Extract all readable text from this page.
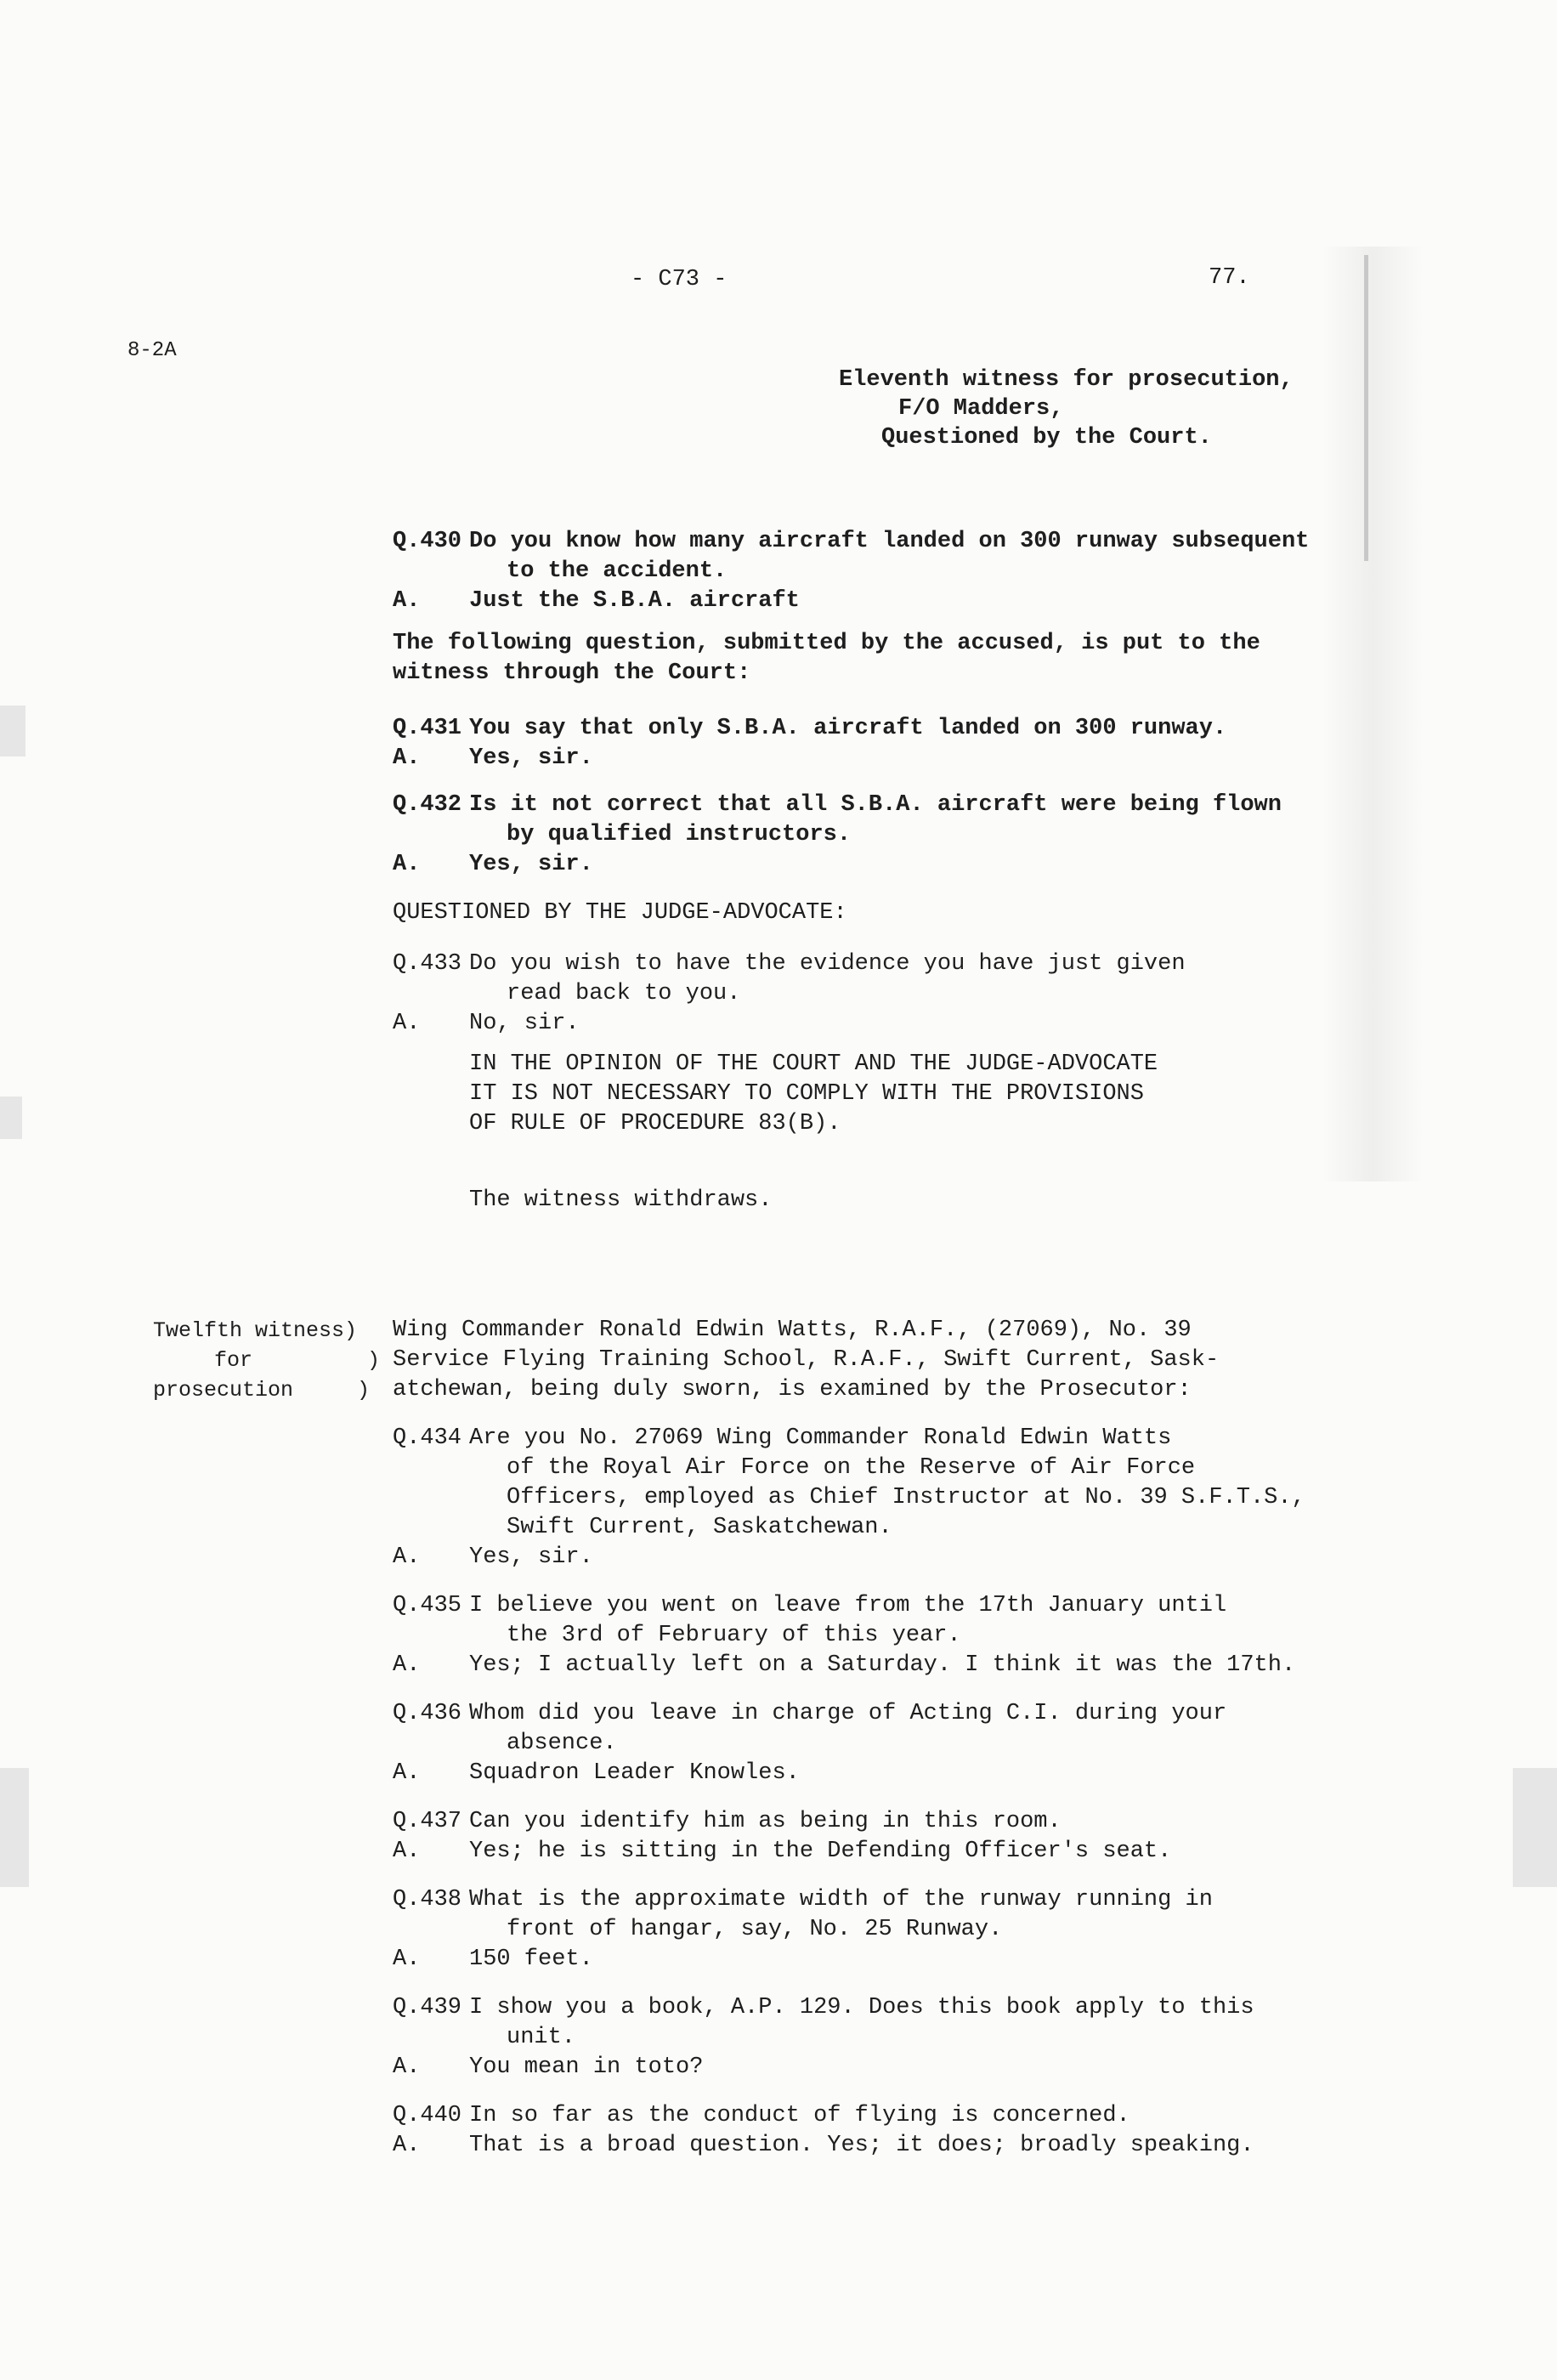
- C73 -	77.
8-2A
Eleventh witness for prosecution,
F/O Madders,
Questioned by the Court.
Q.430 Do you know how many aircraft landed on 300 runway subsequent
to the accident.
A. Just the S.B.A. aircraft
The following question, submitted by the accused, is put to the
witness through the Court:
Q.431 You say that only S.B.A. aircraft landed on 300 runway.
A. Yes, sir.
Q.432 Is it not correct that all S.B.A. aircraft were being flown
by qualified instructors.
A. Yes, sir.
QUESTIONED BY THE JUDGE-ADVOCATE:
Q.433 Do you wish to have the evidence you have just given
read back to you.
A. No, sir.
IN THE OPINION OF THE COURT AND THE JUDGE-ADVOCATE
IT IS NOT NECESSARY TO COMPLY WITH THE PROVISIONS
OF RULE OF PROCEDURE 83(B).
The witness withdraws.
Twelfth witness)
for         )
prosecution     )
Wing Commander Ronald Edwin Watts, R.A.F., (27069), No. 39
Service Flying Training School, R.A.F., Swift Current, Sask-
atchewan, being duly sworn, is examined by the Prosecutor:
Q.434 Are you No. 27069 Wing Commander Ronald Edwin Watts
of the Royal Air Force on the Reserve of Air Force
Officers, employed as Chief Instructor at No. 39 S.F.T.S.,
Swift Current, Saskatchewan.
A. Yes, sir.
Q.435 I believe you went on leave from the 17th January until
the 3rd of February of this year.
A. Yes; I actually left on a Saturday. I think it was the 17th.
Q.436 Whom did you leave in charge of Acting C.I. during your
absence.
A. Squadron Leader Knowles.
Q.437 Can you identify him as being in this room.
A. Yes; he is sitting in the Defending Officer's seat.
Q.438 What is the approximate width of the runway running in
front of hangar, say, No. 25 Runway.
A. 150 feet.
Q.439 I show you a book, A.P. 129. Does this book apply to this
unit.
A. You mean in toto?
Q.440 In so far as the conduct of flying is concerned.
A. That is a broad question. Yes; it does; broadly speaking.
